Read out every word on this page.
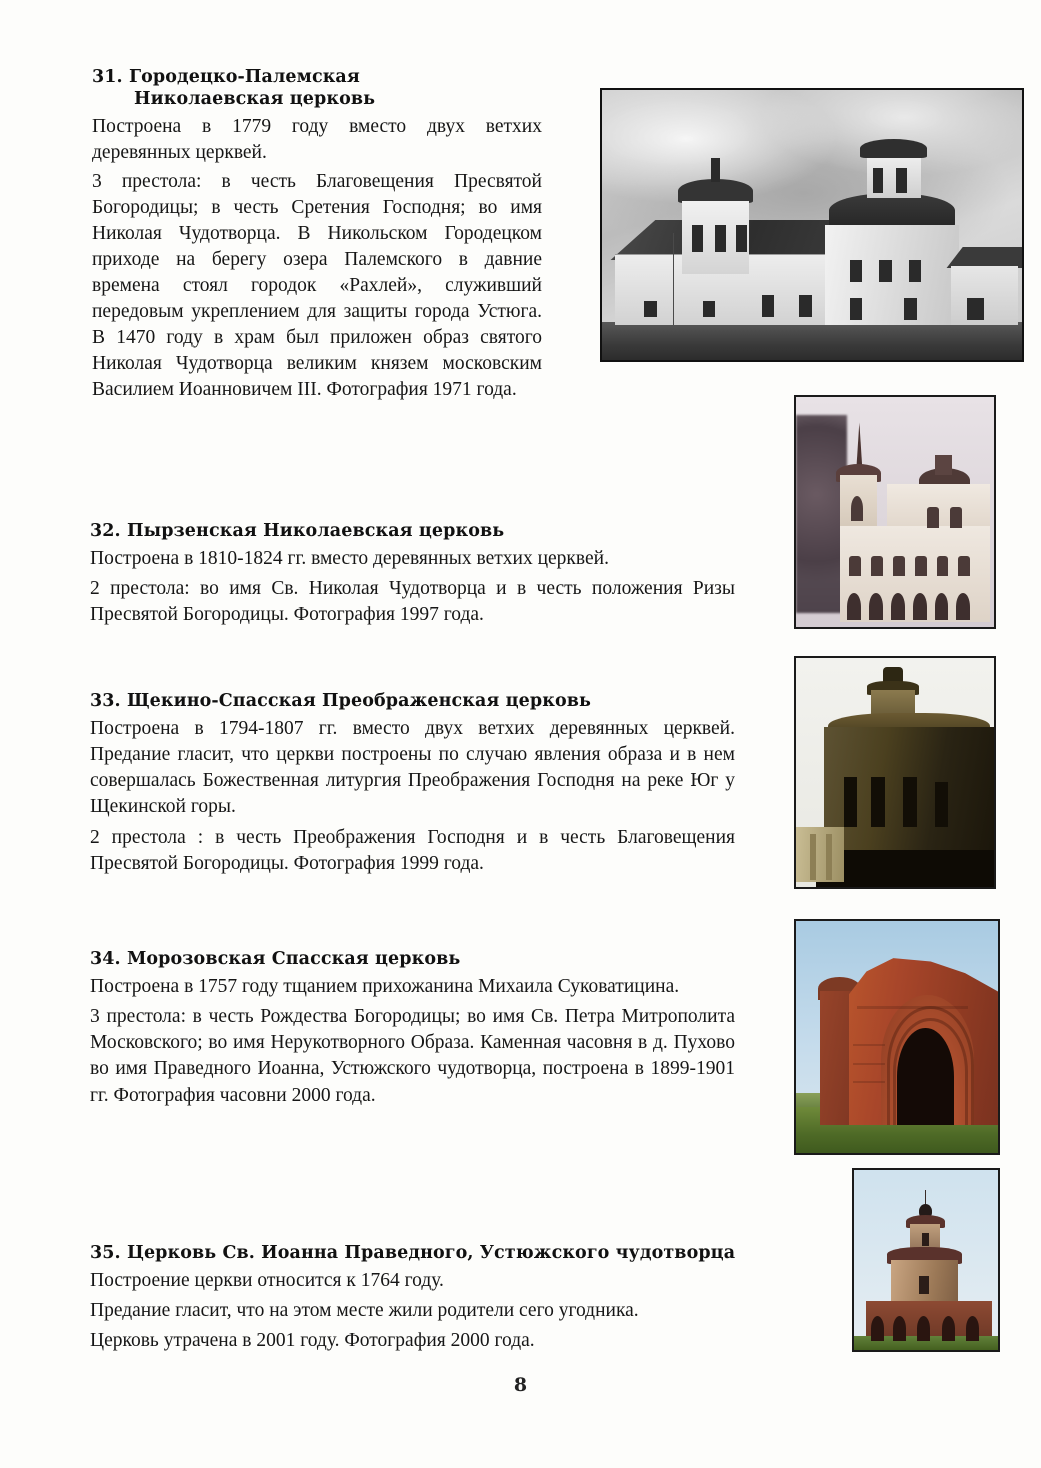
31. Городецко-Палемская
Николаевская церковь

Построена в 1779 году вместо двух ветхих деревянных церквей.

3 престола: в честь Благовещения Пресвятой Богородицы; в честь Сретения Господня; во имя Николая Чудотворца. В Никольском Городецком приходе на берегу озера Палемского в давние времена стоял городок «Рахлей», служивший передовым укреплением для защиты города Устюга. В 1470 году в храм был приложен образ святого Николая Чудотворца великим князем московским Василием Иоанновичем III. Фотография 1971 года.

32. Пырзенская Николаевская церковь

Построена в 1810-1824 гг. вместо деревянных ветхих церквей.

2 престола: во имя Св. Николая Чудотворца и в честь положения Ризы Пресвятой Богородицы. Фотография 1997 года.

33. Щекино-Спасская Преображенская церковь

Построена в 1794-1807 гг. вместо двух ветхих деревянных церквей. Предание гласит, что церкви построены по случаю явления образа и в нем совершалась Божественная литургия Преображения Господня на реке Юг у Щекинской горы.

2 престола : в честь Преображения Господня и в честь Благовещения Пресвятой Богородицы. Фотография 1999 года.

34. Морозовская Спасская церковь

Построена в 1757 году тщанием прихожанина Михаила Суковатицина.

3 престола: в честь Рождества Богородицы; во имя Св. Петра Митрополита Московского; во имя Нерукотворного Образа. Каменная часовня в д. Пухово во имя Праведного Иоанна, Устюжского чудотворца, построена в 1899-1901 гг. Фотография часовни 2000 года.

35. Церковь Св. Иоанна Праведного, Устюжского чудотворца

Построение церкви относится к 1764 году.

Предание гласит, что на этом месте жили родители сего угодника.

Церковь утрачена в 2001 году. Фотография 2000 года.

8
